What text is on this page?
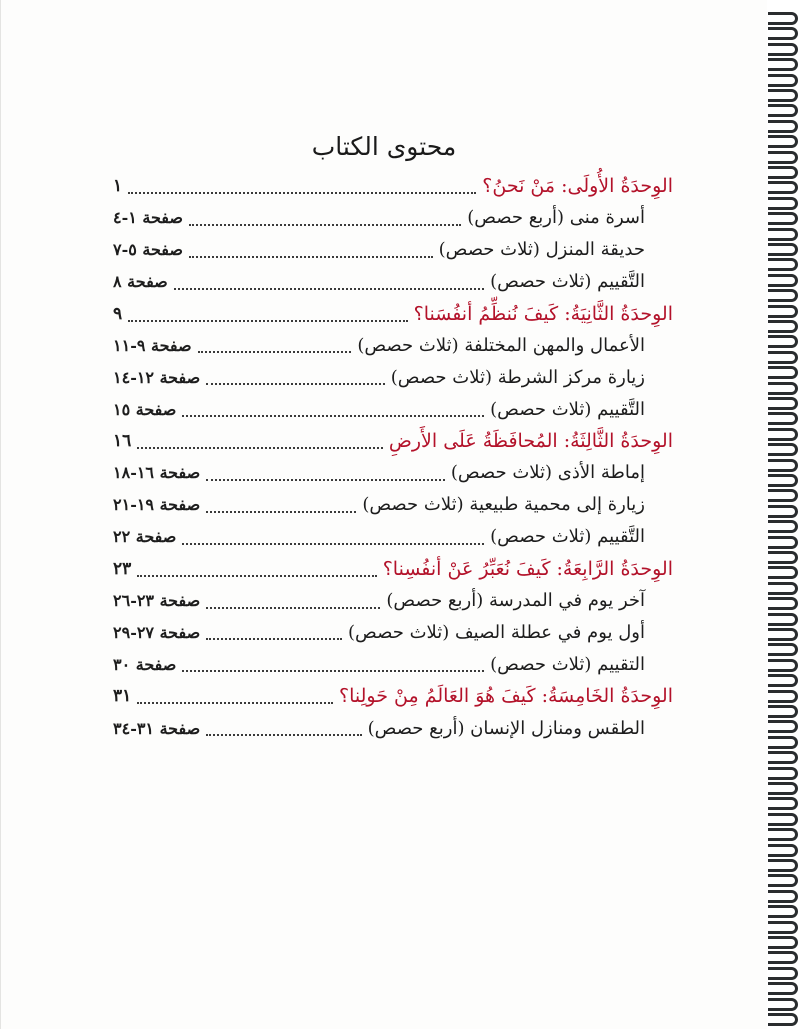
محتوى الكتاب
الوِحدَةُ الأُولَى: مَنْ نَحنُ؟
١
أسرة منى (أربع حصص)
صفحة ١-٤
حديقة المنزل (ثلاث حصص)
صفحة ٥-٧
التَّقييم (ثلاث حصص)
صفحة ٨
الوِحدَةُ الثَّانِيَةُ: كَيفَ نُنظِّمُ أنفُسَنا؟
٩
الأعمال والمهن المختلفة (ثلاث حصص)
صفحة ٩-١١
زيارة مركز الشرطة (ثلاث حصص)
صفحة ١٢-١٤
التَّقييم (ثلاث حصص)
صفحة ١٥
الوِحدَةُ الثَّالِثَةُ: المُحافَظَةُ عَلَى الأَرضِ
١٦
إماطة الأذى (ثلاث حصص)
صفحة ١٦-١٨
زيارة إلى محمية طبيعية (ثلاث حصص)
صفحة ١٩-٢١
التَّقييم (ثلاث حصص)
صفحة ٢٢
الوِحدَةُ الرَّابِعَةُ: كَيفَ نُعَبِّرُ عَنْ أنفُسِنا؟
٢٣
آخر يوم في المدرسة (أربع حصص)
صفحة ٢٣-٢٦
أول يوم في عطلة الصيف (ثلاث حصص)
صفحة ٢٧-٢٩
التقييم (ثلاث حصص)
صفحة ٣٠
الوِحدَةُ الخَامِسَةُ: كَيفَ هُوَ العَالَمُ مِنْ حَولِنا؟
٣١
الطقس ومنازل الإنسان (أربع حصص)
صفحة ٣١-٣٤
